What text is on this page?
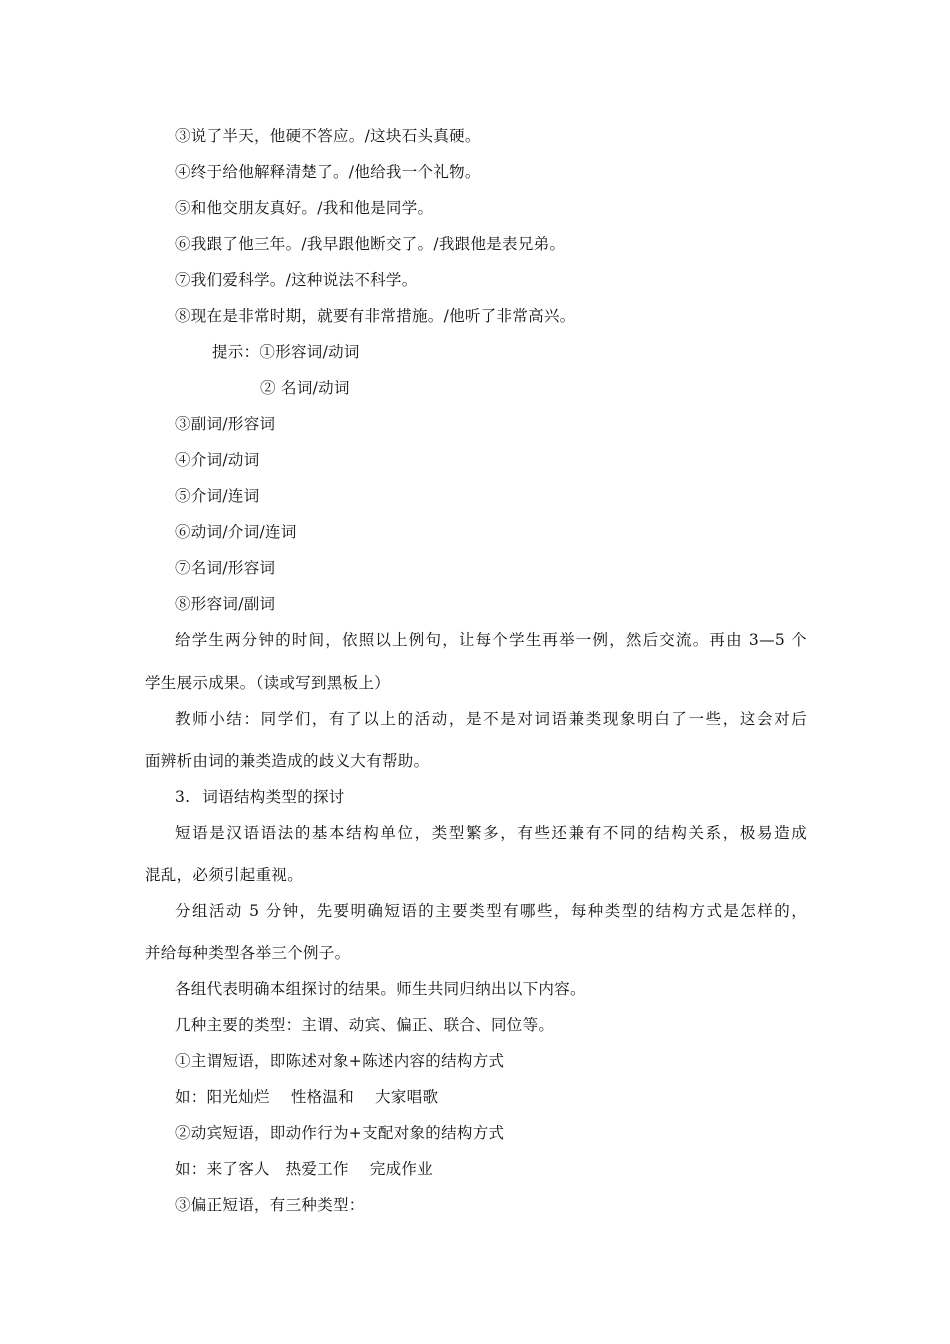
③说了半天，他硬不答应。/这块石头真硬。
④终于给他解释清楚了。/他给我一个礼物。
⑤和他交朋友真好。/我和他是同学。
⑥我跟了他三年。/我早跟他断交了。/我跟他是表兄弟。
⑦我们爱科学。/这种说法不科学。
⑧现在是非常时期，就要有非常措施。/他听了非常高兴。
提示：①形容词/动词
② 名词/动词
③副词/形容词
④介词/动词
⑤介词/连词
⑥动词/介词/连词
⑦名词/形容词
⑧形容词/副词
给学生两分钟的时间，依照以上例句，让每个学生再举一例，然后交流。再由 3—5 个
学生展示成果。（读或写到黑板上）
教师小结：同学们，有了以上的活动，是不是对词语兼类现象明白了一些，这会对后
面辨析由词的兼类造成的歧义大有帮助。
3. 词语结构类型的探讨
短语是汉语语法的基本结构单位，类型繁多，有些还兼有不同的结构关系，极易造成
混乱，必须引起重视。
分组活动 5 分钟，先要明确短语的主要类型有哪些，每种类型的结构方式是怎样的，
并给每种类型各举三个例子。
各组代表明确本组探讨的结果。师生共同归纳出以下内容。
几种主要的类型：主谓、动宾、偏正、联合、同位等。
①主谓短语，即陈述对象+陈述内容的结构方式
如：阳光灿烂　 性格温和　 大家唱歌
②动宾短语，即动作行为+支配对象的结构方式
如：来了客人　热爱工作　 完成作业
③偏正短语，有三种类型：
